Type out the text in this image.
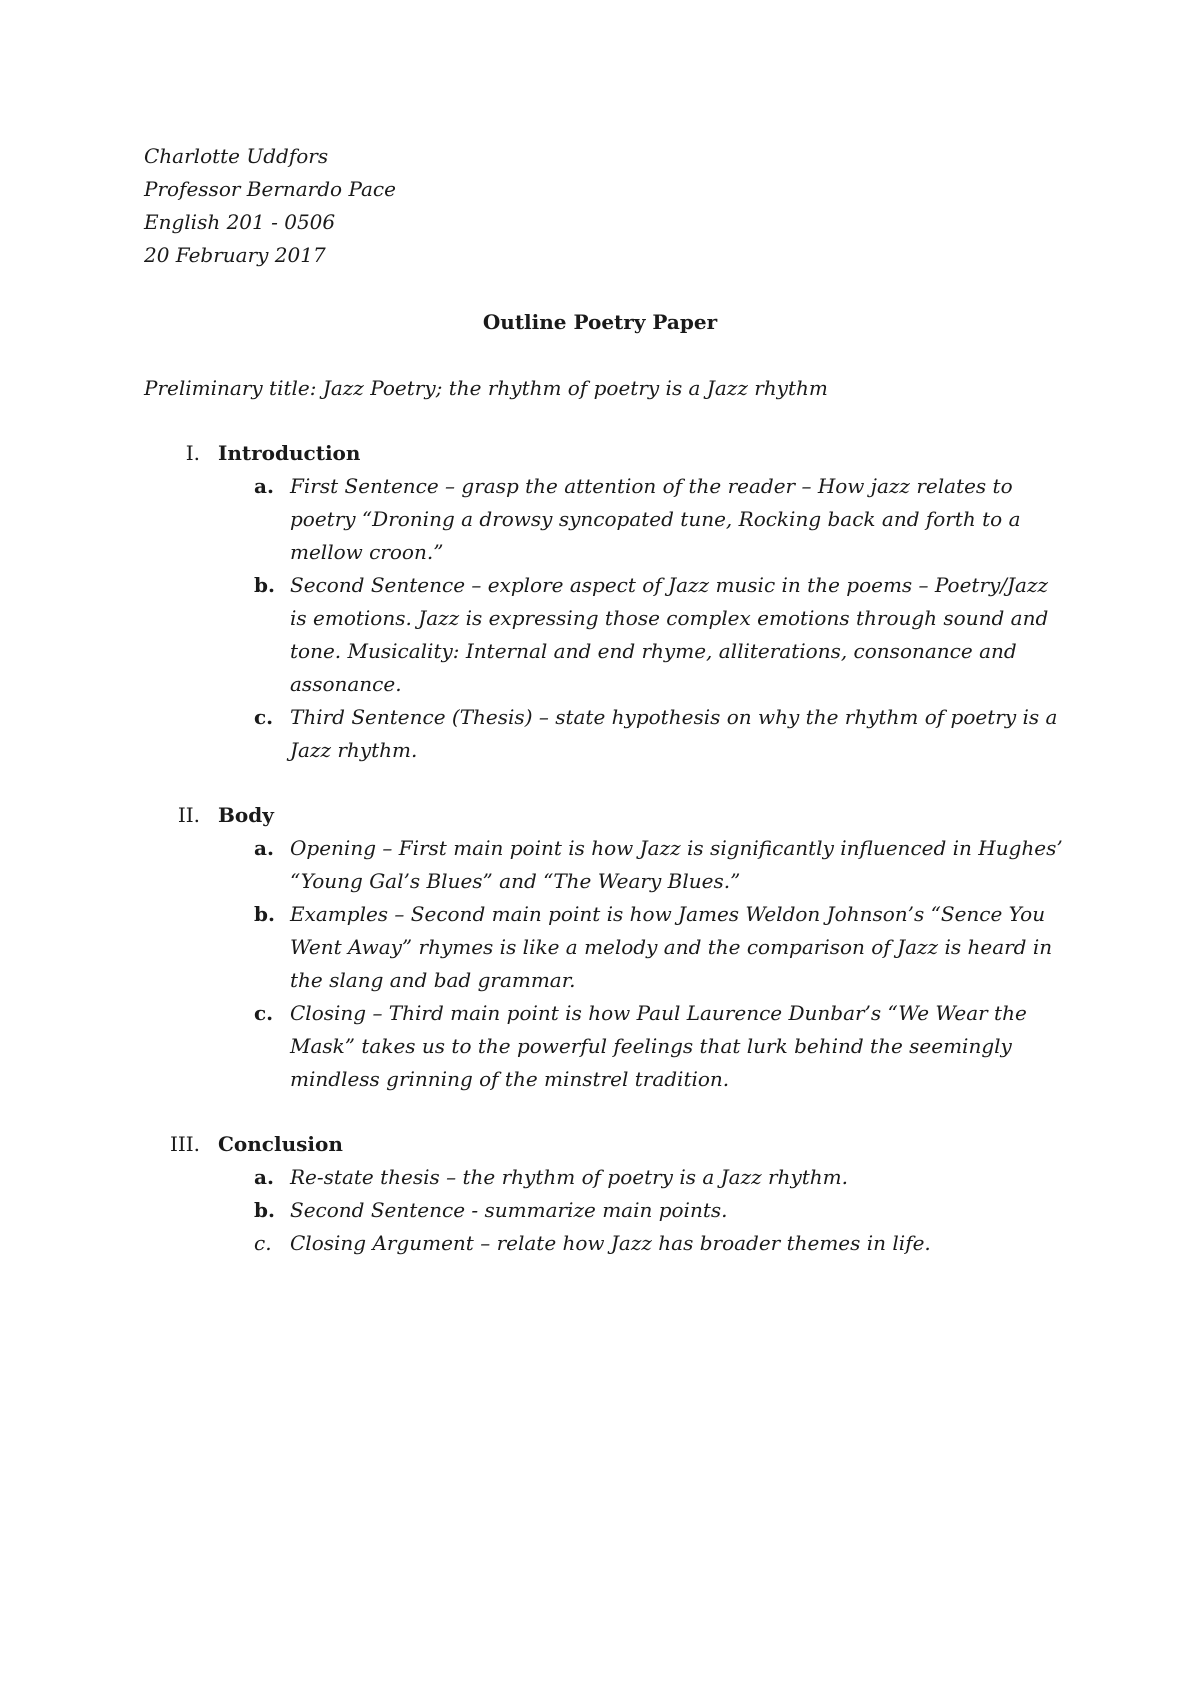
Charlotte Uddfors
Professor Bernardo Pace
English 201 - 0506
20 February 2017
Outline Poetry Paper
Preliminary title: Jazz Poetry; the rhythm of poetry is a Jazz rhythm
I. Introduction
a. First Sentence – grasp the attention of the reader – How jazz relates to poetry “Droning a drowsy syncopated tune, Rocking back and forth to a mellow croon.”
b. Second Sentence – explore aspect of Jazz music in the poems – Poetry/Jazz is emotions. Jazz is expressing those complex emotions through sound and tone. Musicality: Internal and end rhyme, alliterations, consonance and assonance.
c. Third Sentence (Thesis) – state hypothesis on why the rhythm of poetry is a Jazz rhythm.
II. Body
a. Opening – First main point is how Jazz is significantly influenced in Hughes’ “Young Gal’s Blues” and “The Weary Blues.”
b. Examples – Second main point is how James Weldon Johnson’s “Sence You Went Away” rhymes is like a melody and the comparison of Jazz is heard in the slang and bad grammar.
c. Closing – Third main point is how Paul Laurence Dunbar’s “We Wear the Mask” takes us to the powerful feelings that lurk behind the seemingly mindless grinning of the minstrel tradition.
III. Conclusion
a. Re-state thesis – the rhythm of poetry is a Jazz rhythm.
b. Second Sentence - summarize main points.
c. Closing Argument – relate how Jazz has broader themes in life.
